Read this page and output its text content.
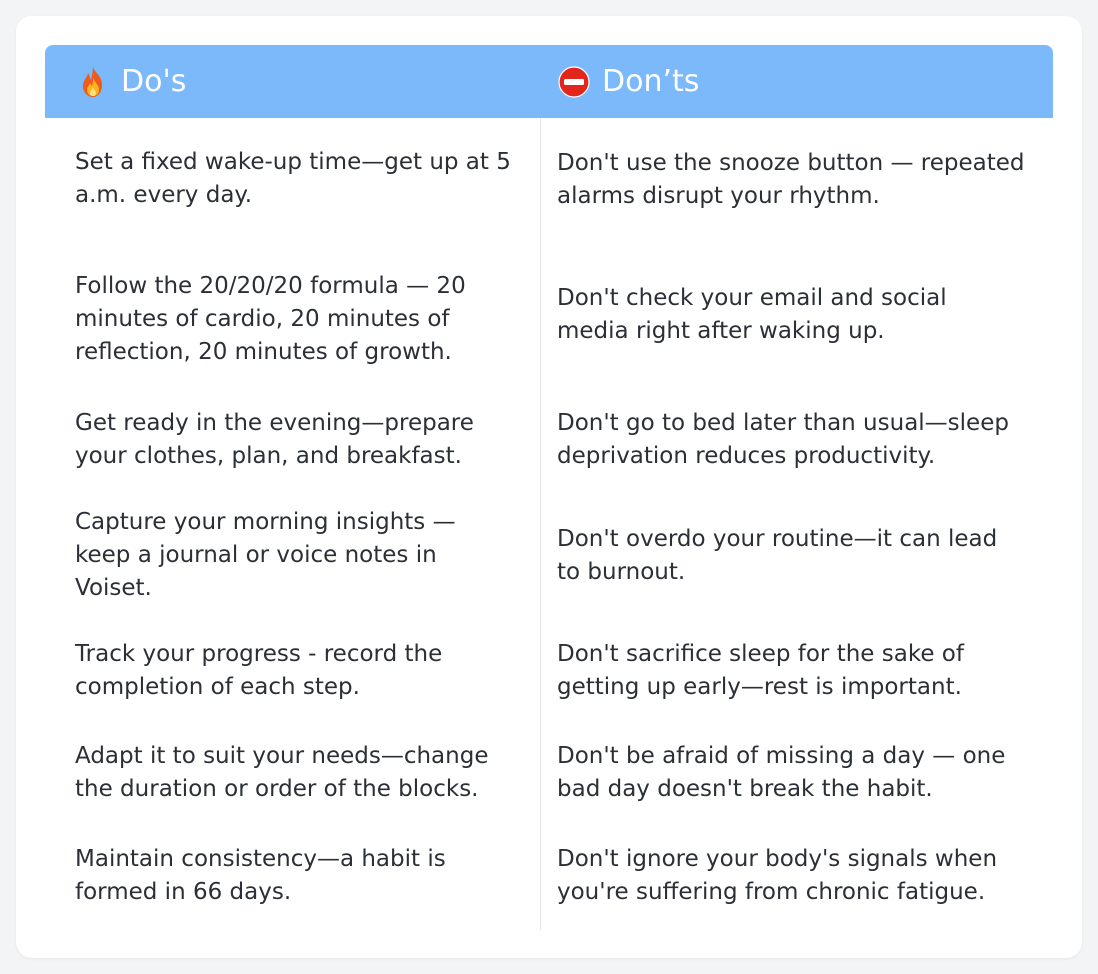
Do's	Don’ts
Set a fixed wake-up time—get up at 5 a.m. every day.
Don't use the snooze button — repeated alarms disrupt your rhythm.
Follow the 20/20/20 formula — 20 minutes of cardio, 20 minutes of reflection, 20 minutes of growth.
Don't check your email and social media right after waking up.
Get ready in the evening—prepare your clothes, plan, and breakfast.
Don't go to bed later than usual—sleep deprivation reduces productivity.
Capture your morning insights — keep a journal or voice notes in Voiset.
Don't overdo your routine—it can lead to burnout.
Track your progress - record the completion of each step.
Don't sacrifice sleep for the sake of getting up early—rest is important.
Adapt it to suit your needs—change the duration or order of the blocks.
Don't be afraid of missing a day — one bad day doesn't break the habit.
Maintain consistency—a habit is formed in 66 days.
Don't ignore your body's signals when you're suffering from chronic fatigue.
